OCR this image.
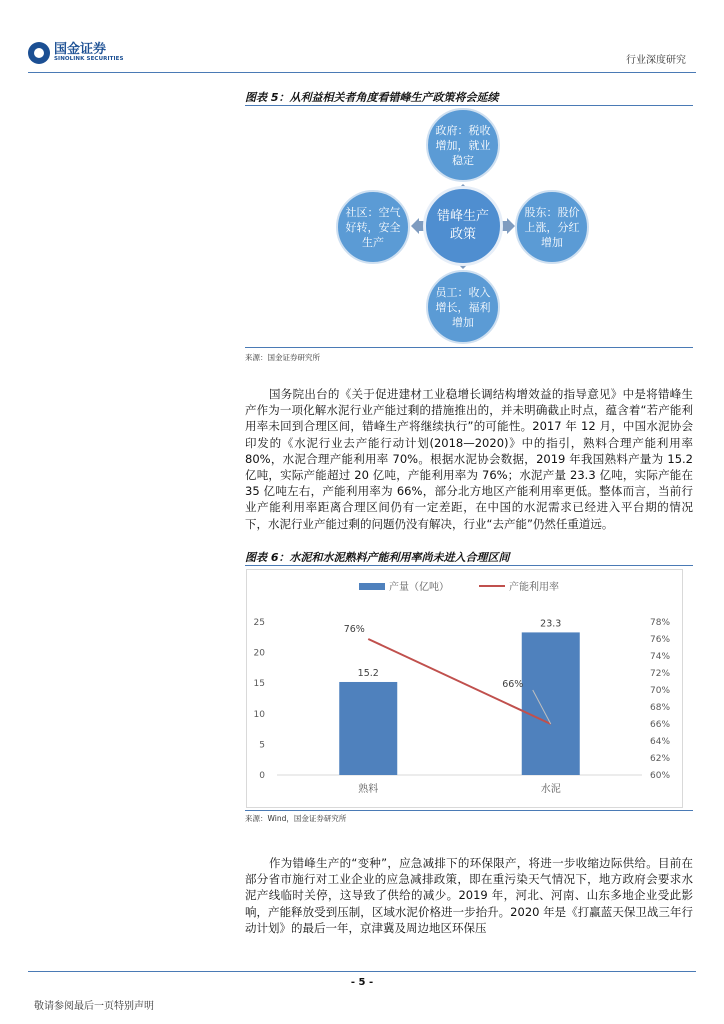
国金证券
SINOLINK SECURITIES	行业深度研究
图表 5：从利益相关者角度看错峰生产政策将会延续
错峰生产政策
政府：税收增加，就业稳定
股东：股价上涨，分红增加
员工：收入增长，福利增加
社区：空气好转，安全生产
来源：国金证券研究所

国务院出台的《关于促进建材工业稳增长调结构增效益的指导意见》中是将错峰生产作为一项化解水泥行业产能过剩的措施推出的，并未明确截止时点，蕴含着“若产能利用率未回到合理区间，错峰生产将继续执行”的可能性。2017 年 12 月，中国水泥协会印发的《水泥行业去产能行动计划(2018—2020)》中的指引，熟料合理产能利用率 80%，水泥合理产能利用率 70%。根据水泥协会数据，2019 年我国熟料产量为 15.2 亿吨，实际产能超过 20 亿吨，产能利用率为 76%；水泥产量 23.3 亿吨，实际产能在 35 亿吨左右，产能利用率为 66%，部分北方地区产能利用率更低。整体而言，当前行业产能利用率距离合理区间仍有一定差距，在中国的水泥需求已经进入平台期的情况下，水泥行业产能过剩的问题仍没有解决，行业“去产能”仍然任重道远。

图表 6：水泥和水泥熟料产能利用率尚未进入合理区间
0
5
10
15
20
25
60%
62%
64%
66%
68%
70%
72%
74%
76%
78%
15.2
23.3
76%
66%
熟料	水泥
产量（亿吨）	产能利用率
来源：Wind，国金证券研究所

作为错峰生产的“变种”，应急减排下的环保限产，将进一步收缩边际供给。目前在部分省市施行对工业企业的应急减排政策，即在重污染天气情况下，地方政府会要求水泥产线临时关停，这导致了供给的减少。2019 年，河北、河南、山东多地企业受此影响，产能释放受到压制，区域水泥价格进一步抬升。2020 年是《打赢蓝天保卫战三年行动计划》的最后一年，京津冀及周边地区环保压

- 5 -
敬请参阅最后一页特别声明
